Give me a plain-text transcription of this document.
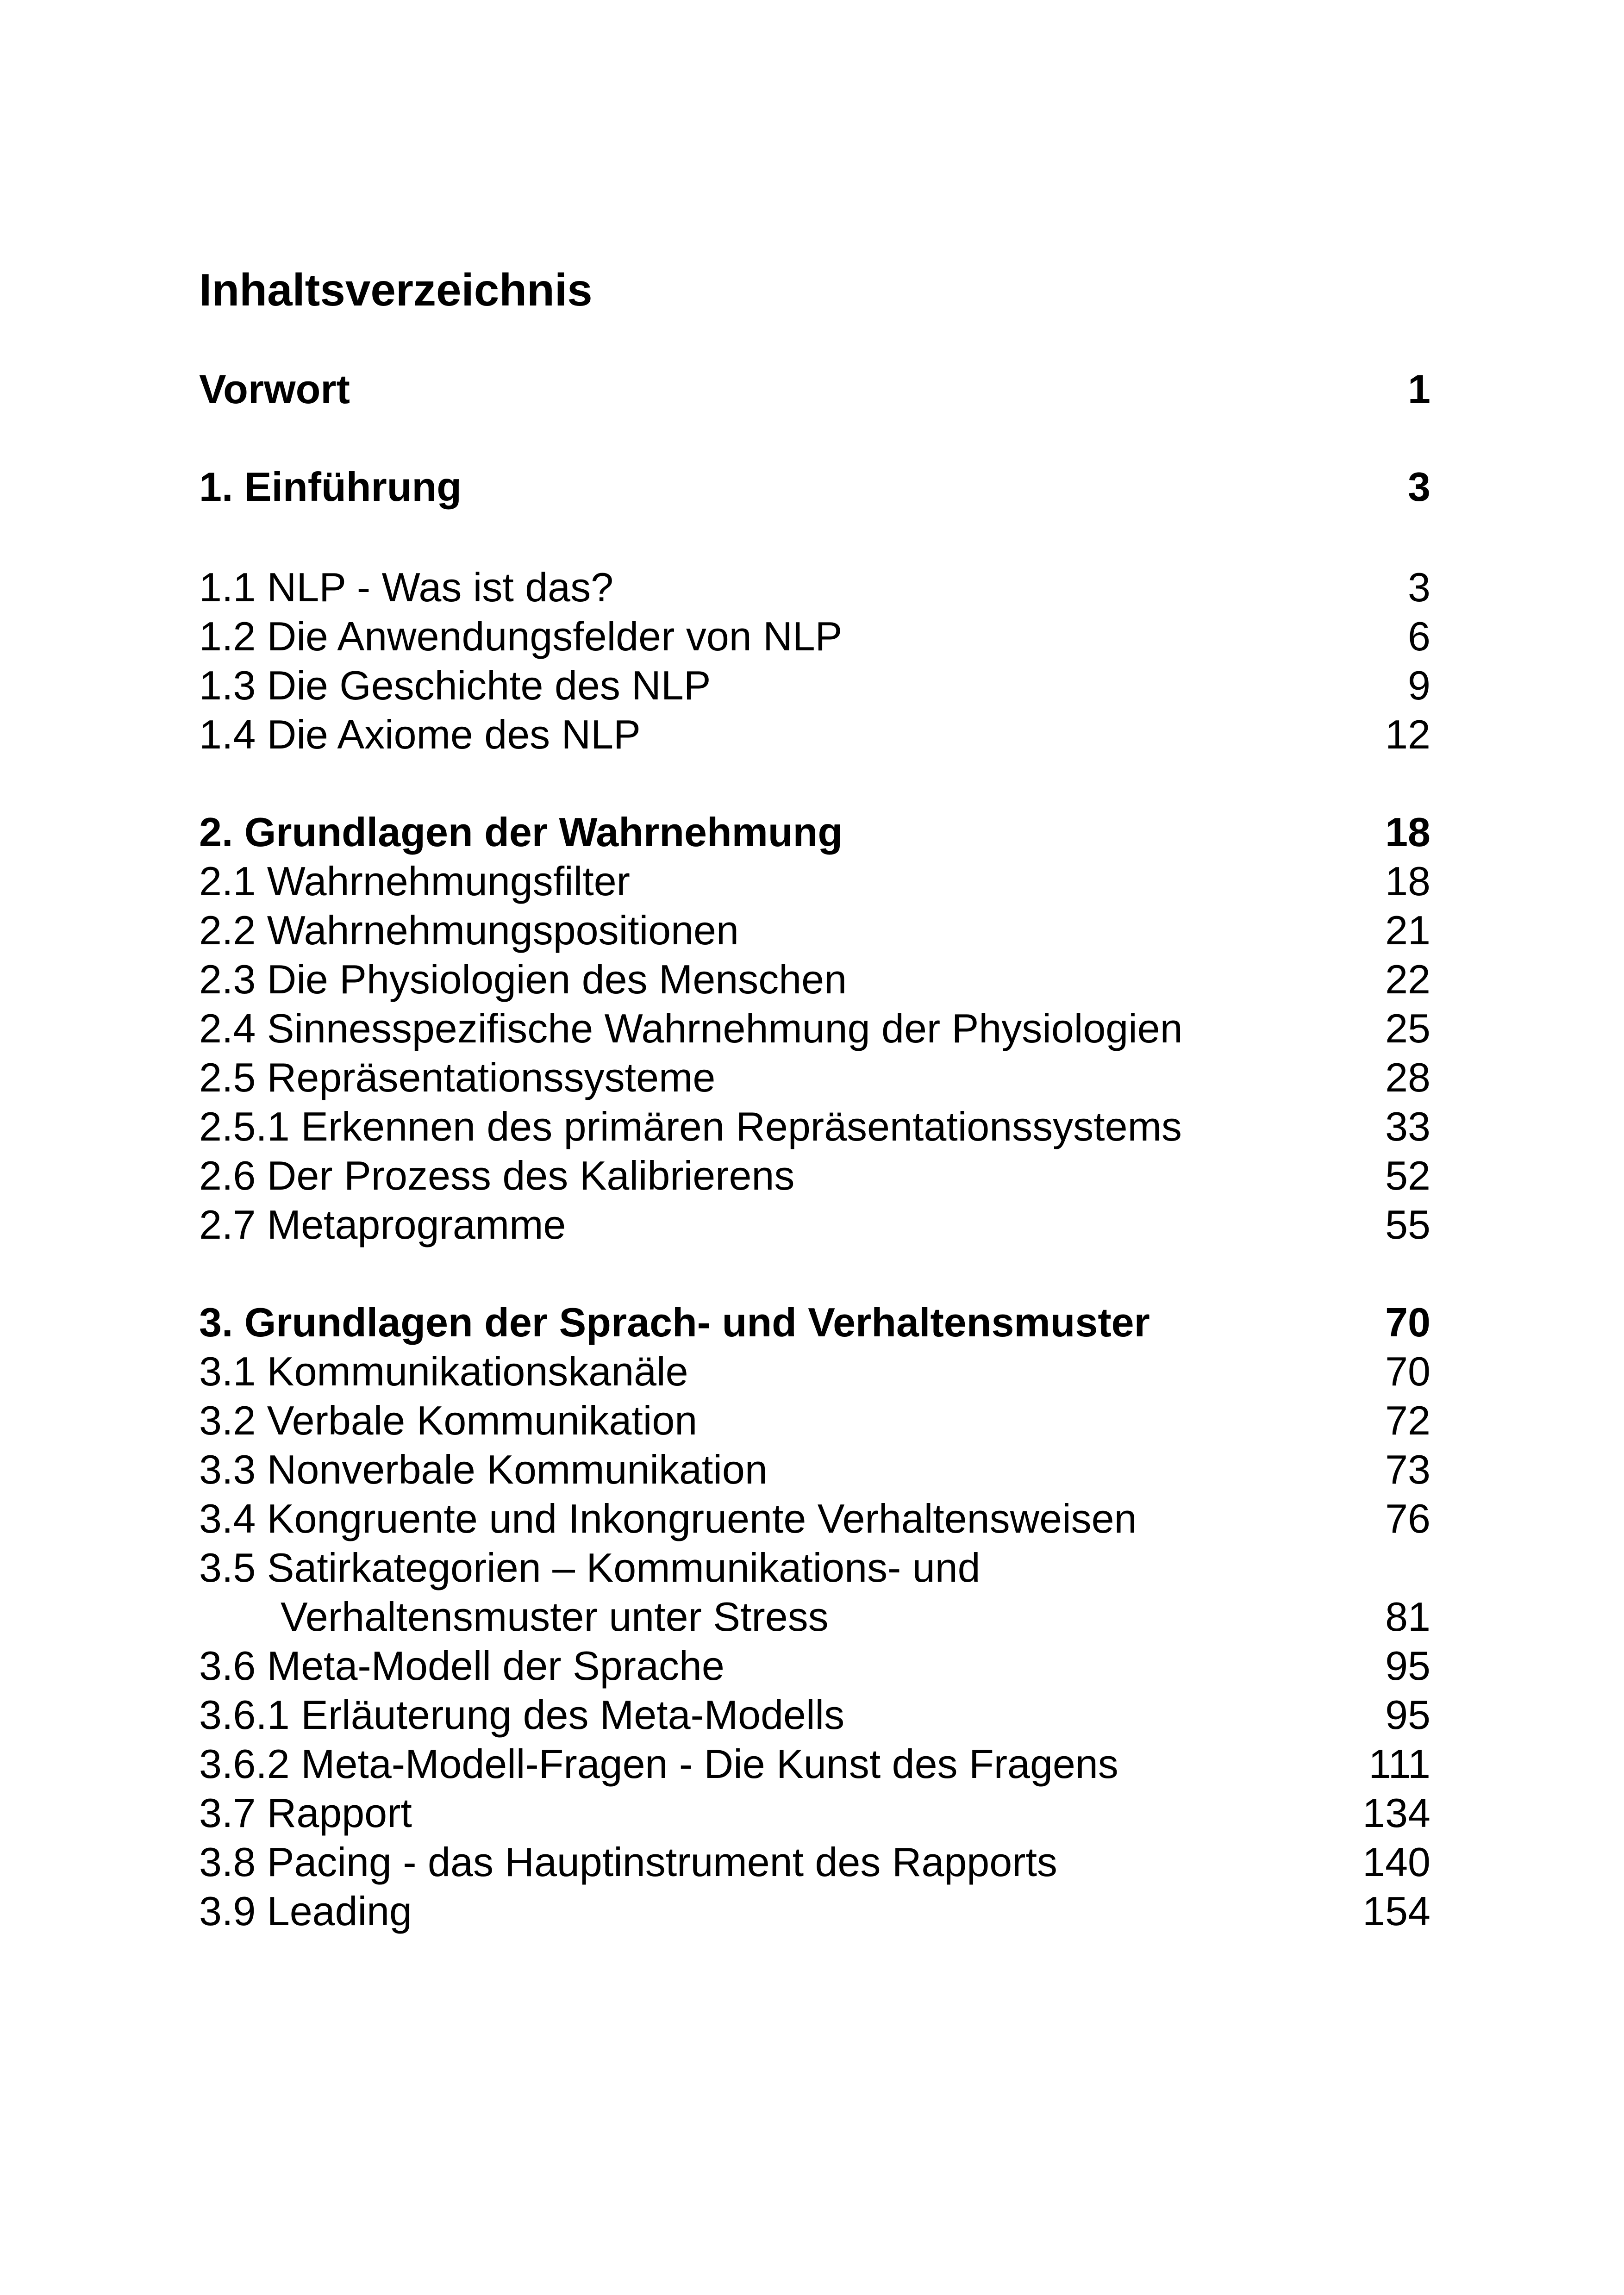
Inhaltsverzeichnis
Vorwort	1
1. Einführung	3
1.1 NLP - Was ist das?	3
1.2 Die Anwendungsfelder von NLP	6
1.3 Die Geschichte des NLP	9
1.4 Die Axiome des NLP	12
2. Grundlagen der Wahrnehmung	18
2.1 Wahrnehmungsfilter	18
2.2 Wahrnehmungspositionen	21
2.3 Die Physiologien des Menschen	22
2.4 Sinnesspezifische Wahrnehmung der Physiologien	25
2.5 Repräsentationssysteme	28
2.5.1 Erkennen des primären Repräsentationssystems	33
2.6 Der Prozess des Kalibrierens	52
2.7 Metaprogramme	55
3. Grundlagen der Sprach- und Verhaltensmuster	70
3.1 Kommunikationskanäle	70
3.2 Verbale Kommunikation	72
3.3 Nonverbale Kommunikation	73
3.4 Kongruente und Inkongruente Verhaltensweisen	76
3.5 Satirkategorien – Kommunikations- und
Verhaltensmuster unter Stress	81
3.6 Meta-Modell der Sprache	95
3.6.1 Erläuterung des Meta-Modells	95
3.6.2 Meta-Modell-Fragen - Die Kunst des Fragens	111
3.7 Rapport	134
3.8 Pacing - das Hauptinstrument des Rapports	140
3.9 Leading	154
